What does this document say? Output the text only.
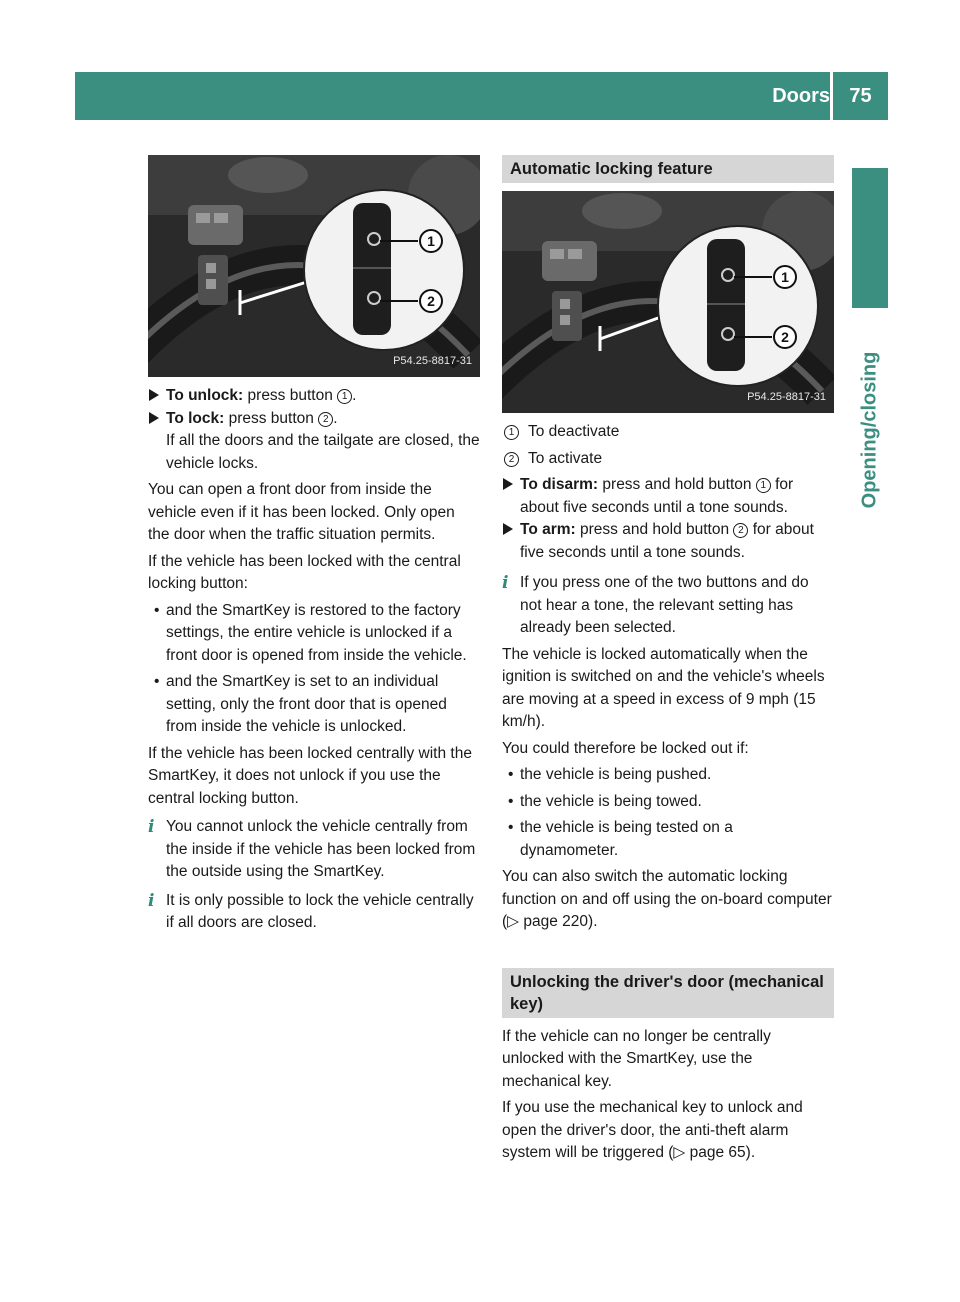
Doors 75
Opening/closing
1
2
P54.25-8817-31

To unlock: press button 1 .

To lock: press button 2 .
If all the doors and the tailgate are closed, the vehicle locks.

You can open a front door from inside the vehicle even if it has been locked. Only open the door when the traffic situation permits.

If the vehicle has been locked with the central locking button:

• and the SmartKey is restored to the factory settings, the entire vehicle is unlocked if a front door is opened from inside the vehicle.

• and the SmartKey is set to an individual setting, only the front door that is opened from inside the vehicle is unlocked.

If the vehicle has been locked centrally with the SmartKey, it does not unlock if you use the central locking button.

i You cannot unlock the vehicle centrally from the inside if the vehicle has been locked from the outside using the SmartKey.

i It is only possible to lock the vehicle centrally if all doors are closed.

Automatic locking feature
1
2
P54.25-8817-31

1 To deactivate

2 To activate

To disarm: press and hold button 1 for about five seconds until a tone sounds.

To arm: press and hold button 2 for about five seconds until a tone sounds.

i If you press one of the two buttons and do not hear a tone, the relevant setting has already been selected.

The vehicle is locked automatically when the ignition is switched on and the vehicle's wheels are moving at a speed in excess of 9 mph (15 km/h).

You could therefore be locked out if:

• the vehicle is being pushed.

• the vehicle is being towed.

• the vehicle is being tested on a dynamometer.

You can also switch the automatic locking function on and off using the on-board computer (▷ page 220).

Unlocking the driver's door (mechanical key)

If the vehicle can no longer be centrally unlocked with the SmartKey, use the mechanical key.

If you use the mechanical key to unlock and open the driver's door, the anti-theft alarm system will be triggered (▷ page 65).
